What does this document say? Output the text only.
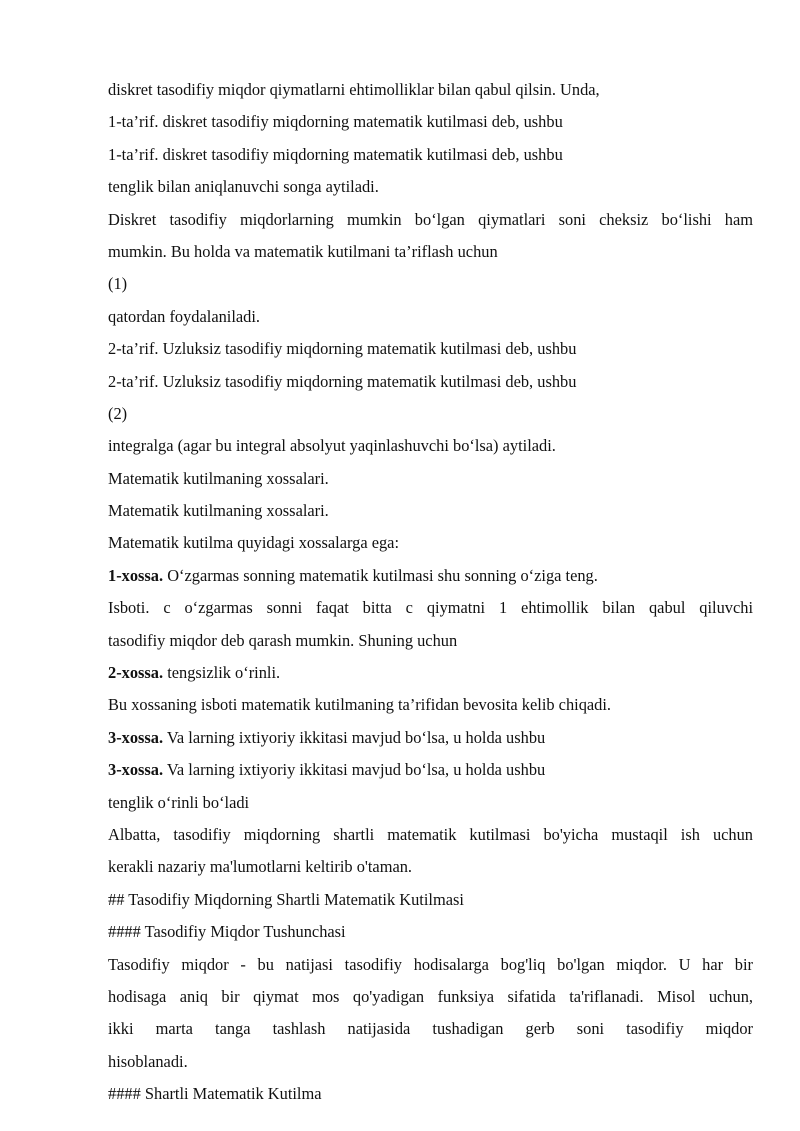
diskret tasodifiy miqdor qiymatlarni ehtimolliklar bilan qabul qilsin. Unda,
1-ta’rif. diskret tasodifiy miqdorning matematik kutilmasi deb, ushbu
1-ta’rif. diskret tasodifiy miqdorning matematik kutilmasi deb, ushbu
tenglik bilan aniqlanuvchi songa aytiladi.
Diskret tasodifiy miqdorlarning mumkin bo‘lgan qiymatlari soni cheksiz bo‘lishi ham
mumkin. Bu holda va matematik kutilmani ta’riflash uchun
(1)
qatordan foydalaniladi.
2-ta’rif. Uzluksiz tasodifiy miqdorning matematik kutilmasi deb, ushbu
2-ta’rif. Uzluksiz tasodifiy miqdorning matematik kutilmasi deb, ushbu
(2)
integralga (agar bu integral absolyut yaqinlashuvchi bo‘lsa) aytiladi.
Matematik kutilmaning xossalari.
Matematik kutilmaning xossalari.
Matematik kutilma quyidagi xossalarga ega:
1-xossa. O‘zgarmas sonning matematik kutilmasi shu sonning o‘ziga teng.
Isboti. c o‘zgarmas sonni faqat bitta c qiymatni 1 ehtimollik bilan qabul qiluvchi
tasodifiy miqdor deb qarash mumkin. Shuning uchun
2-xossa. tengsizlik o‘rinli.
Bu xossaning isboti matematik kutilmaning ta’rifidan bevosita kelib chiqadi.
3-xossa. Va larning ixtiyoriy ikkitasi mavjud bo‘lsa, u holda ushbu
3-xossa. Va larning ixtiyoriy ikkitasi mavjud bo‘lsa, u holda ushbu
tenglik o‘rinli bo‘ladi
Albatta, tasodifiy miqdorning shartli matematik kutilmasi bo'yicha mustaqil ish uchun
kerakli nazariy ma'lumotlarni keltirib o'taman.
## Tasodifiy Miqdorning Shartli Matematik Kutilmasi
#### Tasodifiy Miqdor Tushunchasi
Tasodifiy miqdor - bu natijasi tasodifiy hodisalarga bog'liq bo'lgan miqdor. U har bir
hodisaga aniq bir qiymat mos qo'yadigan funksiya sifatida ta'riflanadi. Misol uchun,
ikki marta tanga tashlash natijasida tushadigan gerb soni tasodifiy miqdor
hisoblanadi.
#### Shartli Matematik Kutilma
